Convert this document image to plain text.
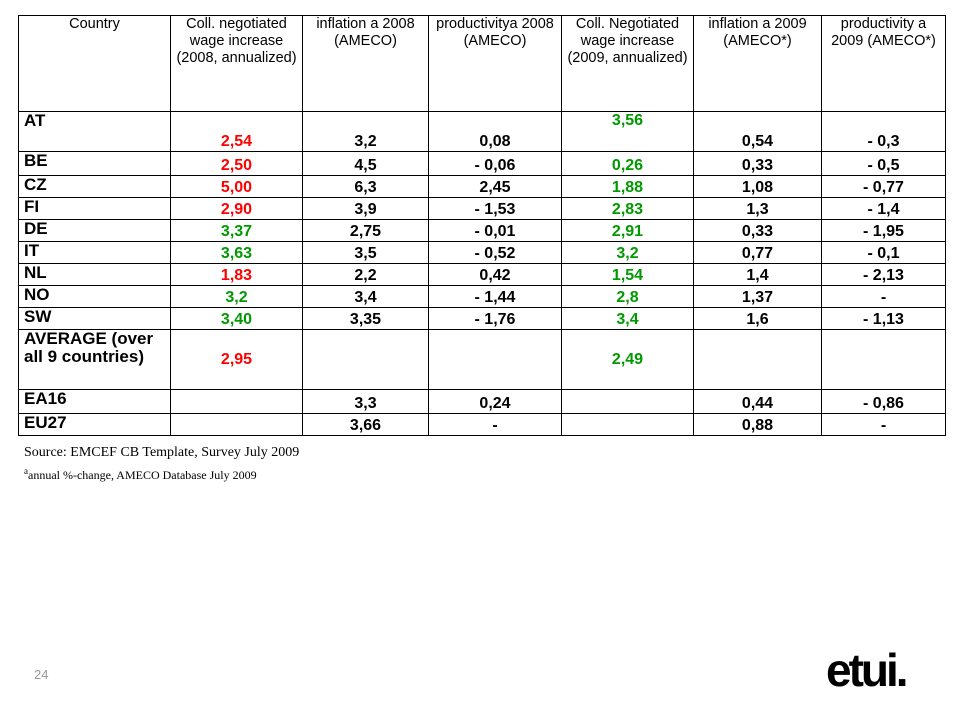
Country	Coll. negotiated wage increase (2008, annualized)	inflation a 2008 (AMECO)	productivitya 2008 (AMECO)	Coll. Negotiated wage increase (2009, annualized)	inflation a 2009 (AMECO*)	productivity a 2009 (AMECO*)
AT	2,54	3,2	0,08	3,56	0,54	- 0,3
BE	2,50	4,5	- 0,06	0,26	0,33	- 0,5
CZ	5,00	6,3	2,45	1,88	1,08	- 0,77
FI	2,90	3,9	- 1,53	2,83	1,3	- 1,4
DE	3,37	2,75	- 0,01	2,91	0,33	- 1,95
IT	3,63	3,5	- 0,52	3,2	0,77	- 0,1
NL	1,83	2,2	0,42	1,54	1,4	- 2,13
NO	3,2	3,4	- 1,44	2,8	1,37	-
SW	3,40	3,35	- 1,76	3,4	1,6	- 1,13
AVERAGE (over all 9 countries)	2,95			2,49		
EA16		3,3	0,24		0,44	- 0,86
EU27		3,66	-		0,88	-
Source: EMCEF CB Template, Survey July 2009
$^a$annual %-change, AMECO Database July 2009
24	etui.
